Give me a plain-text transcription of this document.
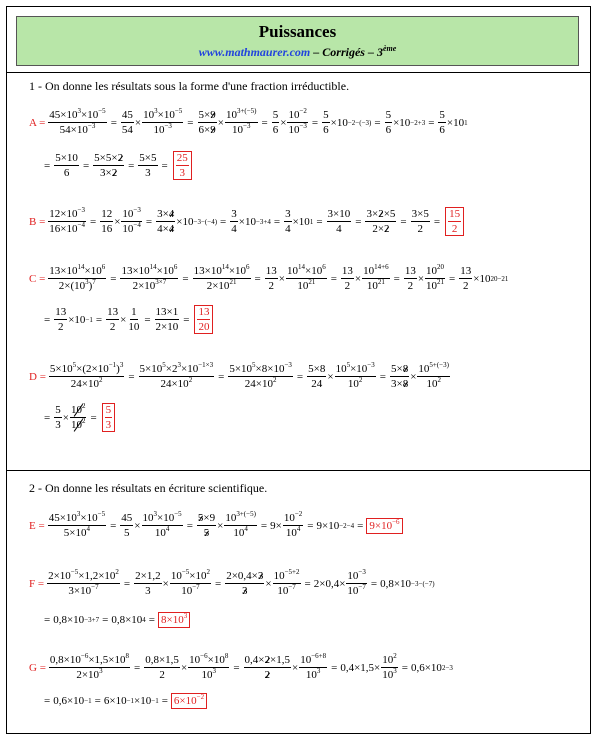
Puissances
www.mathmaurer.com – Corrigés – 3ème
1 - On donne les résultats sous la forme d'une fraction irréductible.
$A = \frac{45\times 10^3\times 10^{-5}}{54\times 10^{-3}} = \frac{45}{54} \times \frac{10^3\times 10^{-5}}{10^{-3}} = \frac{5\times 9}{6\times 9} \times \frac{10^{3+(-5)}}{10^{-3}} = \frac{5}{6} \times \frac{10^{-2}}{10^{-3}} = \frac{5}{6} \times 10 -2-(-3) = \frac{5}{6} \times 10 -2+3 = \frac{5}{6} \times 10$ 1
= $\frac{5\times 10}{6} = \frac{5\times 5\times 2}{3\times 2} = \frac{5\times 5}{3} = \frac{25}{3}$
$B = \frac{12\times 10^{-3}}{16\times 10^{-4}} = \frac{12}{16} \times \frac{10^{-3}}{10^{-4}} = \frac{3\times 4}{4\times 4} \times 10 -3-(-4) = \frac{3}{4} \times 10 -3+4 = \frac{3}{4} \times 10$ $1 = \frac{3\times 10}{4} = \frac{3\times 2\times 5}{2\times 2} = \frac{3\times 5}{2} = \frac{15}{2}$
$C = \frac{13\times 10^{14}\times 10^6}{2\times(10^3)^7} = \frac{13\times 10^{14}\times 10^6}{2\times 10^{3\times 7}} = \frac{13\times 10^{14}\times 10^6}{2\times 10^{21}} = \frac{13}{2} \times \frac{10^{14}\times 10^6}{10^{21}} = \frac{13}{2} \times \frac{10^{14+6}}{10^{21}} = \frac{13}{2} \times \frac{10^{20}}{10^{21}} = \frac{13}{2} \times 10$ 20−21
= $\frac{13}{2} \times 10 -1 = \frac{13}{2} \times \frac{1}{10} = \frac{13\times 1}{2\times 10} = \frac{13}{20}$
$D = \frac{5\times 10^5\times(2\times 10^{-1})^3}{24\times 10^2} = \frac{5\times 10^5\times 2^3\times 10^{-1\times 3}}{24\times 10^2} = \frac{5\times 10^5\times 8\times 10^{-3}}{24\times 10^2} = \frac{5\times 8}{24} \times \frac{10^5\times 10^{-3}}{10^2} = \frac{5\times 8}{3\times 8} \times \frac{10^{5+(-3)}}{10^2}$
= $\frac{5}{3} \times \frac{10^2}{10^2} = \frac{5}{3}$
2 - On donne les résultats en écriture scientifique.
$E = \frac{45\times 10^3\times 10^{-5}}{5\times 10^4} = \frac{45}{5} \times \frac{10^3\times 10^{-5}}{10^4} = \frac{5\times 9}{5} \times \frac{10^{3+(-5)}}{10^4} = 9\times \frac{10^{-2}}{10^4} = 9\times 10 -2-4 = 9\times 10^{-6}$
$F = \frac{2\times 10^{-5}\times 1,2\times 10^2}{3\times 10^{-7}} = \frac{2\times 1,2}{3} \times \frac{10^{-5}\times 10^2}{10^{-7}} = \frac{2\times 0,4\times 3}{3} \times \frac{10^{-5+2}}{10^{-7}} = 2\times 0,4\times \frac{10^{-3}}{10^{-7}} = 0,8\times 10 -3-(-7)$
= 0,8×10 −3+7 = 0,8×10 $4 = 8\times 10^3$
$G = \frac{0,8\times 10^{-6}\times 1,5\times 10^8}{2\times 10^3} = \frac{0,8\times 1,5}{2} \times \frac{10^{-6}\times 10^8}{10^3} = \frac{0,4\times 2\times 1,5}{2} \times \frac{10^{-6+8}}{10^3} = 0,4\times 1,5\times \frac{10^2}{10^3} = 0,6\times 10$ 2−3
= $0,6\times 10 -1 = 6\times 10 -1 \times 10 -1 = 6\times 10^{-2}$
